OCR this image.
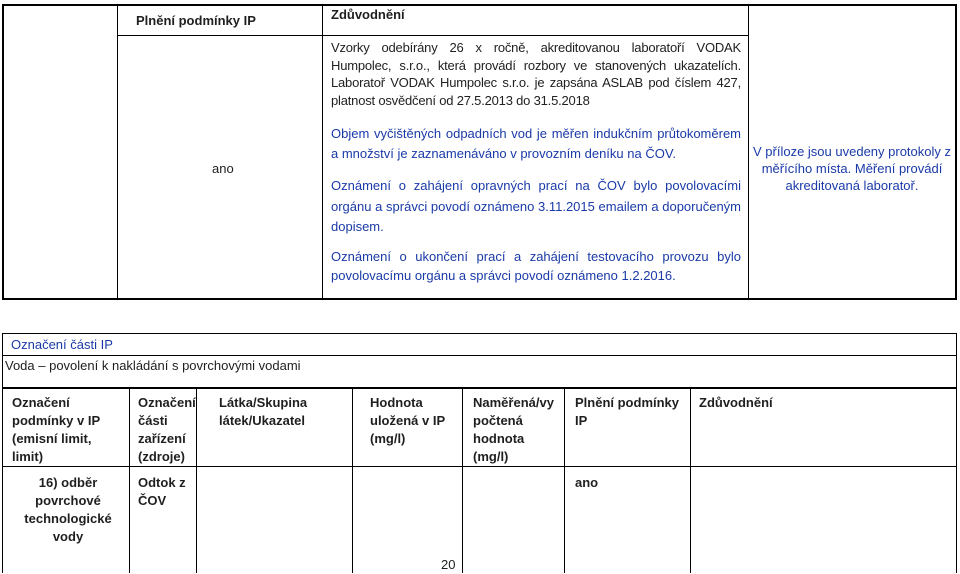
Plnění podmínky IP	Zdůvodnění
ano
Vzorky odebírány 26 x ročně, akreditovanou laboratoří VODAK Humpolec, s.r.o., která provádí rozbory ve stanovených ukazatelích. Laboratoř VODAK Humpolec s.r.o. je zapsána ASLAB pod číslem 427, platnost osvědčení od 27.5.2013 do 31.5.2018
Objem vyčištěných odpadních vod je měřen indukčním průtokoměrem a množství je zaznamenáváno v provozním deníku na ČOV.
Oznámení o zahájení opravných prací na ČOV bylo povolovacími orgánu a správci povodí oznámeno 3.11.2015 emailem a doporučeným dopisem.
Oznámení o ukončení prací a zahájení testovacího provozu bylo povolovacímu orgánu a správci povodí oznámeno 1.2.2016.
V příloze jsou uvedeny protokoly z měřícího místa. Měření provádí akreditovaná laboratoř.
Označení části IP
Voda – povolení k nakládání s povrchovými vodami
Označení podmínky v IP (emisní limit, limit)
Označení části zařízení (zdroje)
Látka/Skupina látek/Ukazatel
Hodnota uložená v IP (mg/l)
Naměřená/vy počtená hodnota (mg/l)
Plnění podmínky IP
Zdůvodnění
16) odběr povrchové technologické vody
Odtok z ČOV
ano
20
